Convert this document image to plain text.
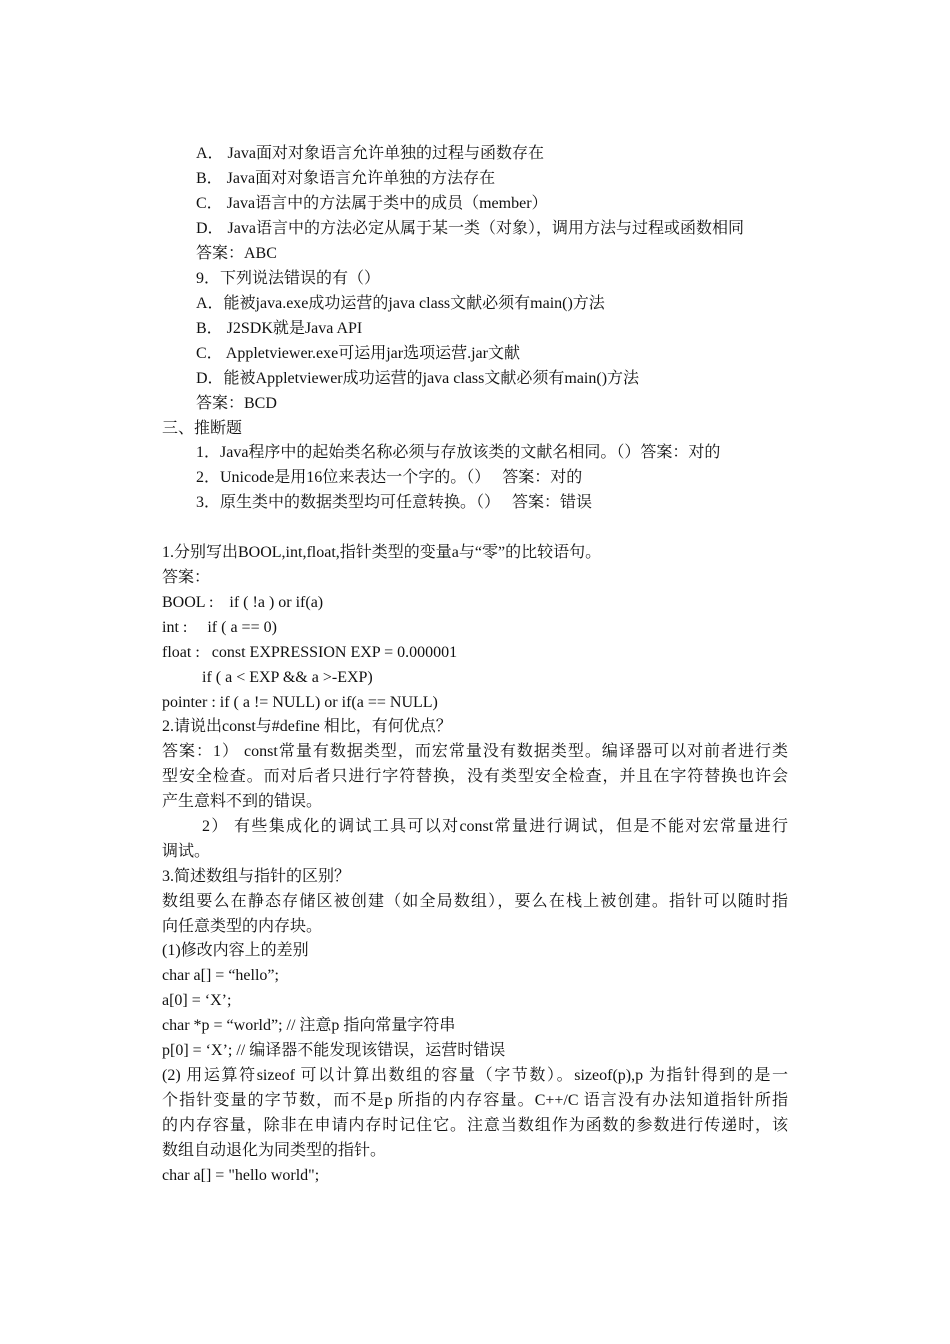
A． Java面对对象语言允许单独的过程与函数存在
B． Java面对对象语言允许单独的方法存在
C． Java语言中的方法属于类中的成员（member）
D． Java语言中的方法必定从属于某一类（对象），调用方法与过程或函数相同
答案：ABC
9．下列说法错误的有（）
A．能被java.exe成功运营的java class文献必须有main()方法
B． J2SDK就是Java API
C． Appletviewer.exe可运用jar选项运营.jar文献
D．能被Appletviewer成功运营的java class文献必须有main()方法
答案：BCD
三、推断题
1．Java程序中的起始类名称必须与存放该类的文献名相同。（）答案：对的
2．Unicode是用16位来表达一个字的。（）　 答案：对的
3．原生类中的数据类型均可任意转换。（）　 答案：错误
1.分别写出BOOL,int,float,指针类型的变量a与“零”的比较语句。
答案：
BOOL :    if ( !a ) or if(a)
int :     if ( a == 0)
float :   const EXPRESSION EXP = 0.000001
if ( a < EXP && a >-EXP)
pointer : if ( a != NULL) or if(a == NULL)
2.请说出const与#define 相比，有何优点？
答案：1） const常量有数据类型，而宏常量没有数据类型。编译器可以对前者进行类
型安全检查。而对后者只进行字符替换，没有类型安全检查，并且在字符替换也许会
产生意料不到的错误。
　　 2） 有些集成化的调试工具可以对const常量进行调试，但是不能对宏常量进行
调试。
3.简述数组与指针的区别？
数组要么在静态存储区被创建（如全局数组），要么在栈上被创建。指针可以随时指
向任意类型的内存块。
(1)修改内容上的差别
char a[] = “hello”;
a[0] = ‘X’;
char *p = “world”; // 注意p 指向常量字符串
p[0] = ‘X’; // 编译器不能发现该错误，运营时错误
(2) 用运算符sizeof 可以计算出数组的容量（字节数）。sizeof(p),p 为指针得到的是一
个指针变量的字节数，而不是p 所指的内存容量。C++/C 语言没有办法知道指针所指
的内存容量，除非在申请内存时记住它。注意当数组作为函数的参数进行传递时，该
数组自动退化为同类型的指针。
char a[] = "hello world";
